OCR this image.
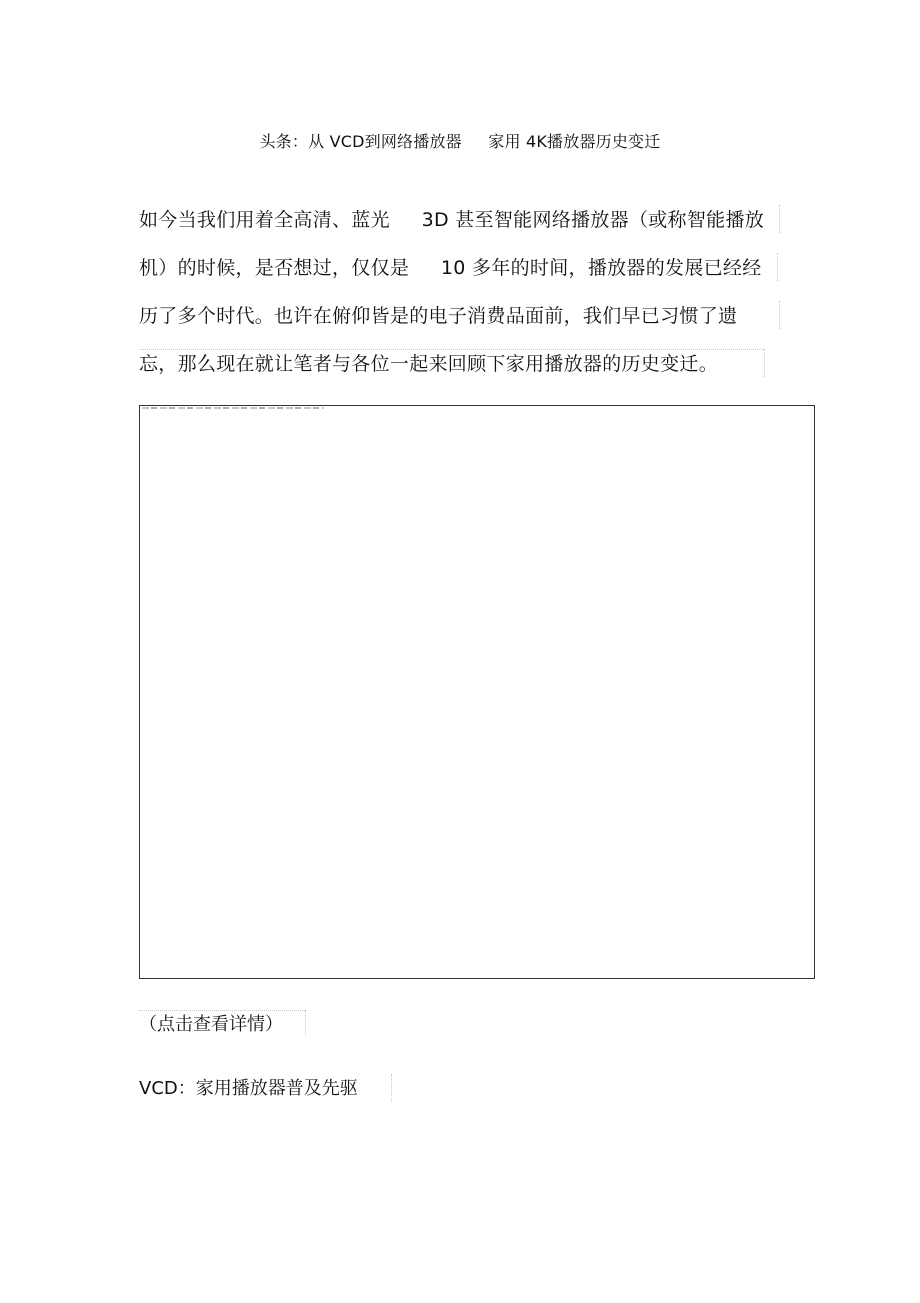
头条：从 VCD到网络播放器     家用 4K播放器历史变迁
如今当我们用着全高清、蓝光     3D 甚至智能网络播放器（或称智能播放
机）的时候，是否想过，仅仅是     10 多年的时间，播放器的发展已经经
历了多个时代。也许在俯仰皆是的电子消费品面前，我们早已习惯了遗
忘，那么现在就让笔者与各位一起来回顾下家用播放器的历史变迁。
（点击查看详情）
VCD：家用播放器普及先驱
